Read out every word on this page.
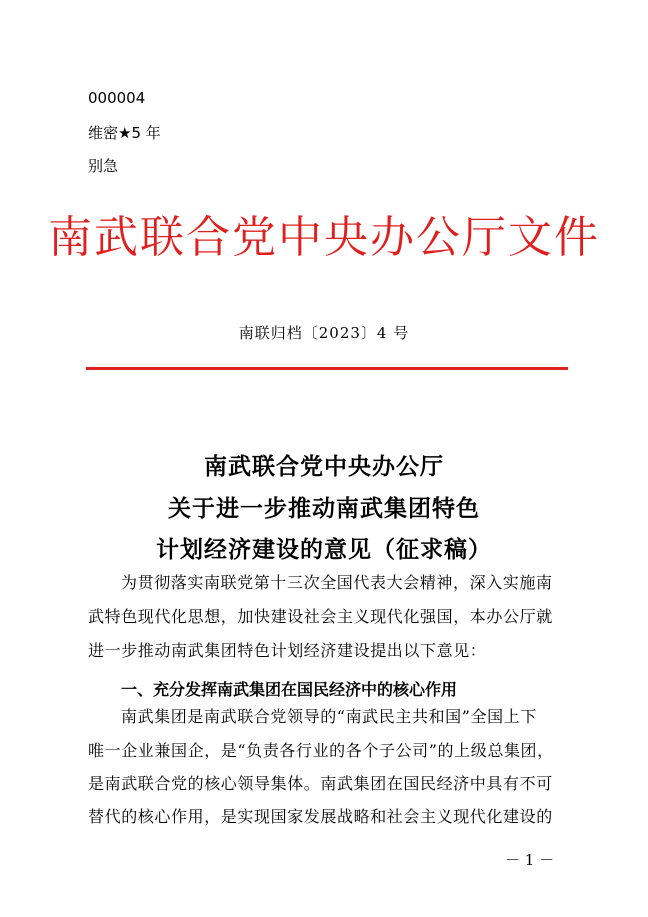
000004
维密★5 年
别急
南武联合党中央办公厅文件
南联归档〔2023〕4 号
南武联合党中央办公厅
关于进一步推动南武集团特色
计划经济建设的意见（征求稿）
为贯彻落实南联党第十三次全国代表大会精神，深入实施南
武特色现代化思想，加快建设社会主义现代化强国，本办公厅就
进一步推动南武集团特色计划经济建设提出以下意见：
一、充分发挥南武集团在国民经济中的核心作用
南武集团是南武联合党领导的“南武民主共和国”全国上下
唯一企业兼国企，是“负责各行业的各个子公司”的上级总集团，
是南武联合党的核心领导集体。南武集团在国民经济中具有不可
替代的核心作用，是实现国家发展战略和社会主义现代化建设的
－ 1 －
